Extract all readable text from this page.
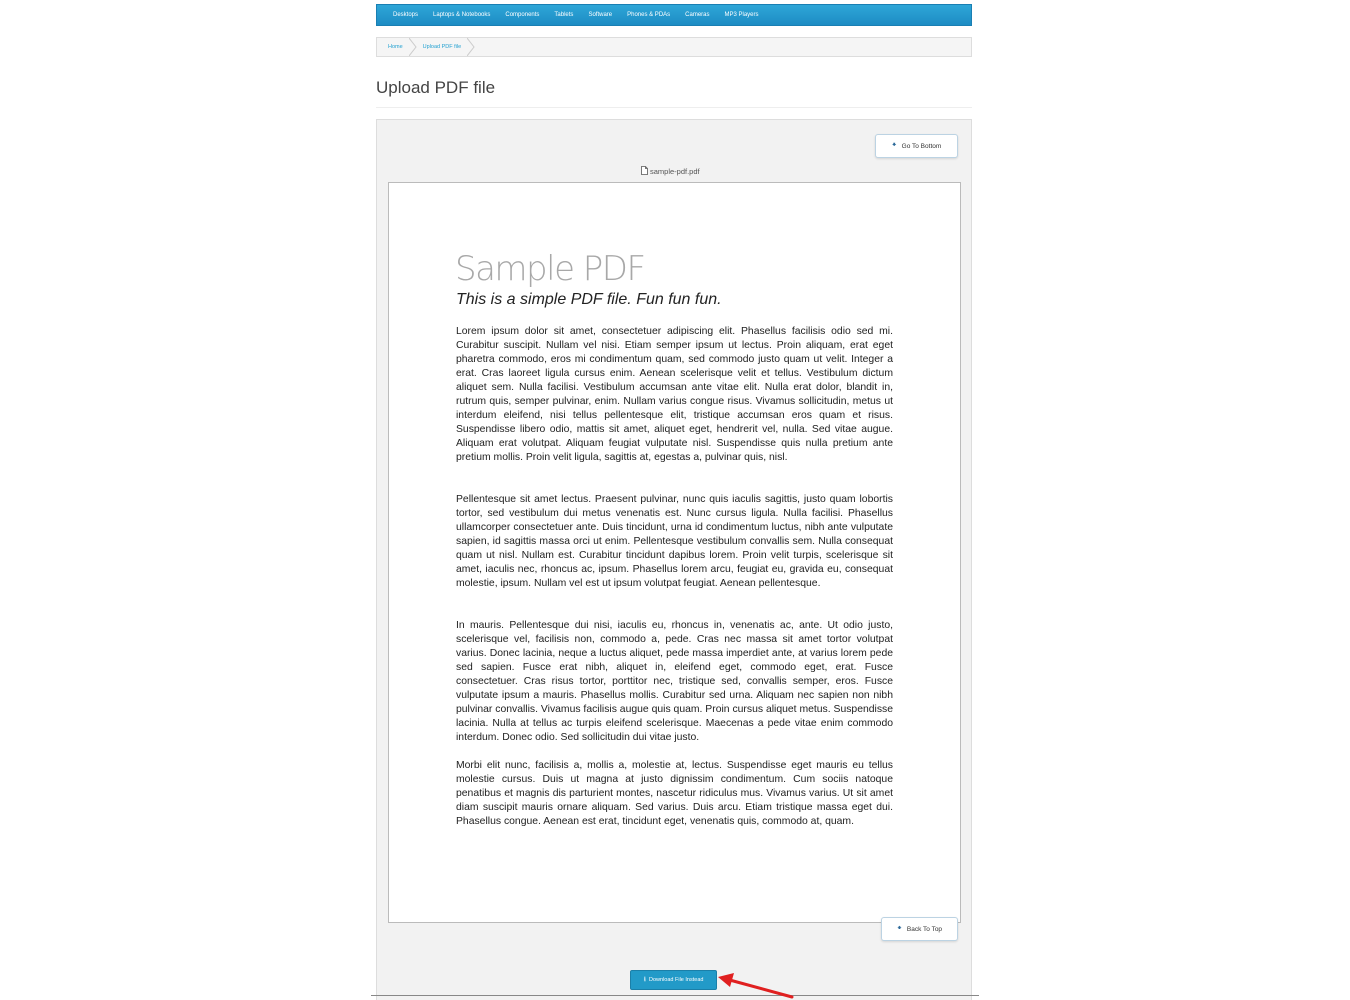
Desktops	Laptops & Notebooks	Components	Tablets	Software	Phones & PDAs	Cameras	MP3 Players
Home	Upload PDF file
Upload PDF file
🠻 Go To Bottom
sample-pdf.pdf
Sample PDF
This is a simple PDF file. Fun fun fun.

Lorem ipsum dolor sit amet, consectetuer adipiscing elit. Phasellus facilisis odio sed mi. Curabitur suscipit. Nullam vel nisi. Etiam semper ipsum ut lectus. Proin aliquam, erat eget pharetra commodo, eros mi condimentum quam, sed commodo justo quam ut velit. Integer a erat. Cras laoreet ligula cursus enim. Aenean scelerisque velit et tellus. Vestibulum dictum aliquet sem. Nulla facilisi. Vestibulum accumsan ante vitae elit. Nulla erat dolor, blandit in, rutrum quis, semper pulvinar, enim. Nullam varius congue risus. Vivamus sollicitudin, metus ut interdum eleifend, nisi tellus pellentesque elit, tristique accumsan eros quam et risus. Suspendisse libero odio, mattis sit amet, aliquet eget, hendrerit vel, nulla. Sed vitae augue. Aliquam erat volutpat. Aliquam feugiat vulputate nisl. Suspendisse quis nulla pretium ante pretium mollis. Proin velit ligula, sagittis at, egestas a, pulvinar quis, nisl.

Pellentesque sit amet lectus. Praesent pulvinar, nunc quis iaculis sagittis, justo quam lobortis tortor, sed vestibulum dui metus venenatis est. Nunc cursus ligula. Nulla facilisi. Phasellus ullamcorper consectetuer ante. Duis tincidunt, urna id condimentum luctus, nibh ante vulputate sapien, id sagittis massa orci ut enim. Pellentesque vestibulum convallis sem. Nulla consequat quam ut nisl. Nullam est. Curabitur tincidunt dapibus lorem. Proin velit turpis, scelerisque sit amet, iaculis nec, rhoncus ac, ipsum. Phasellus lorem arcu, feugiat eu, gravida eu, consequat molestie, ipsum. Nullam vel est ut ipsum volutpat feugiat. Aenean pellentesque.

In mauris. Pellentesque dui nisi, iaculis eu, rhoncus in, venenatis ac, ante. Ut odio justo, scelerisque vel, facilisis non, commodo a, pede. Cras nec massa sit amet tortor volutpat varius. Donec lacinia, neque a luctus aliquet, pede massa imperdiet ante, at varius lorem pede sed sapien. Fusce erat nibh, aliquet in, eleifend eget, commodo eget, erat. Fusce consectetuer. Cras risus tortor, porttitor nec, tristique sed, convallis semper, eros. Fusce vulputate ipsum a mauris. Phasellus mollis. Curabitur sed urna. Aliquam nec sapien non nibh pulvinar convallis. Vivamus facilisis augue quis quam. Proin cursus aliquet metus. Suspendisse lacinia. Nulla at tellus ac turpis eleifend scelerisque. Maecenas a pede vitae enim commodo interdum. Donec odio. Sed sollicitudin dui vitae justo.

Morbi elit nunc, facilisis a, mollis a, molestie at, lectus. Suspendisse eget mauris eu tellus molestie cursus. Duis ut magna at justo dignissim condimentum. Cum sociis natoque penatibus et magnis dis parturient montes, nascetur ridiculus mus. Vivamus varius. Ut sit amet diam suscipit mauris ornare aliquam. Sed varius. Duis arcu. Etiam tristique massa eget dui. Phasellus congue. Aenean est erat, tincidunt eget, venenatis quis, commodo at, quam.

🠹 Back To Top
⭳ Download File Instead
